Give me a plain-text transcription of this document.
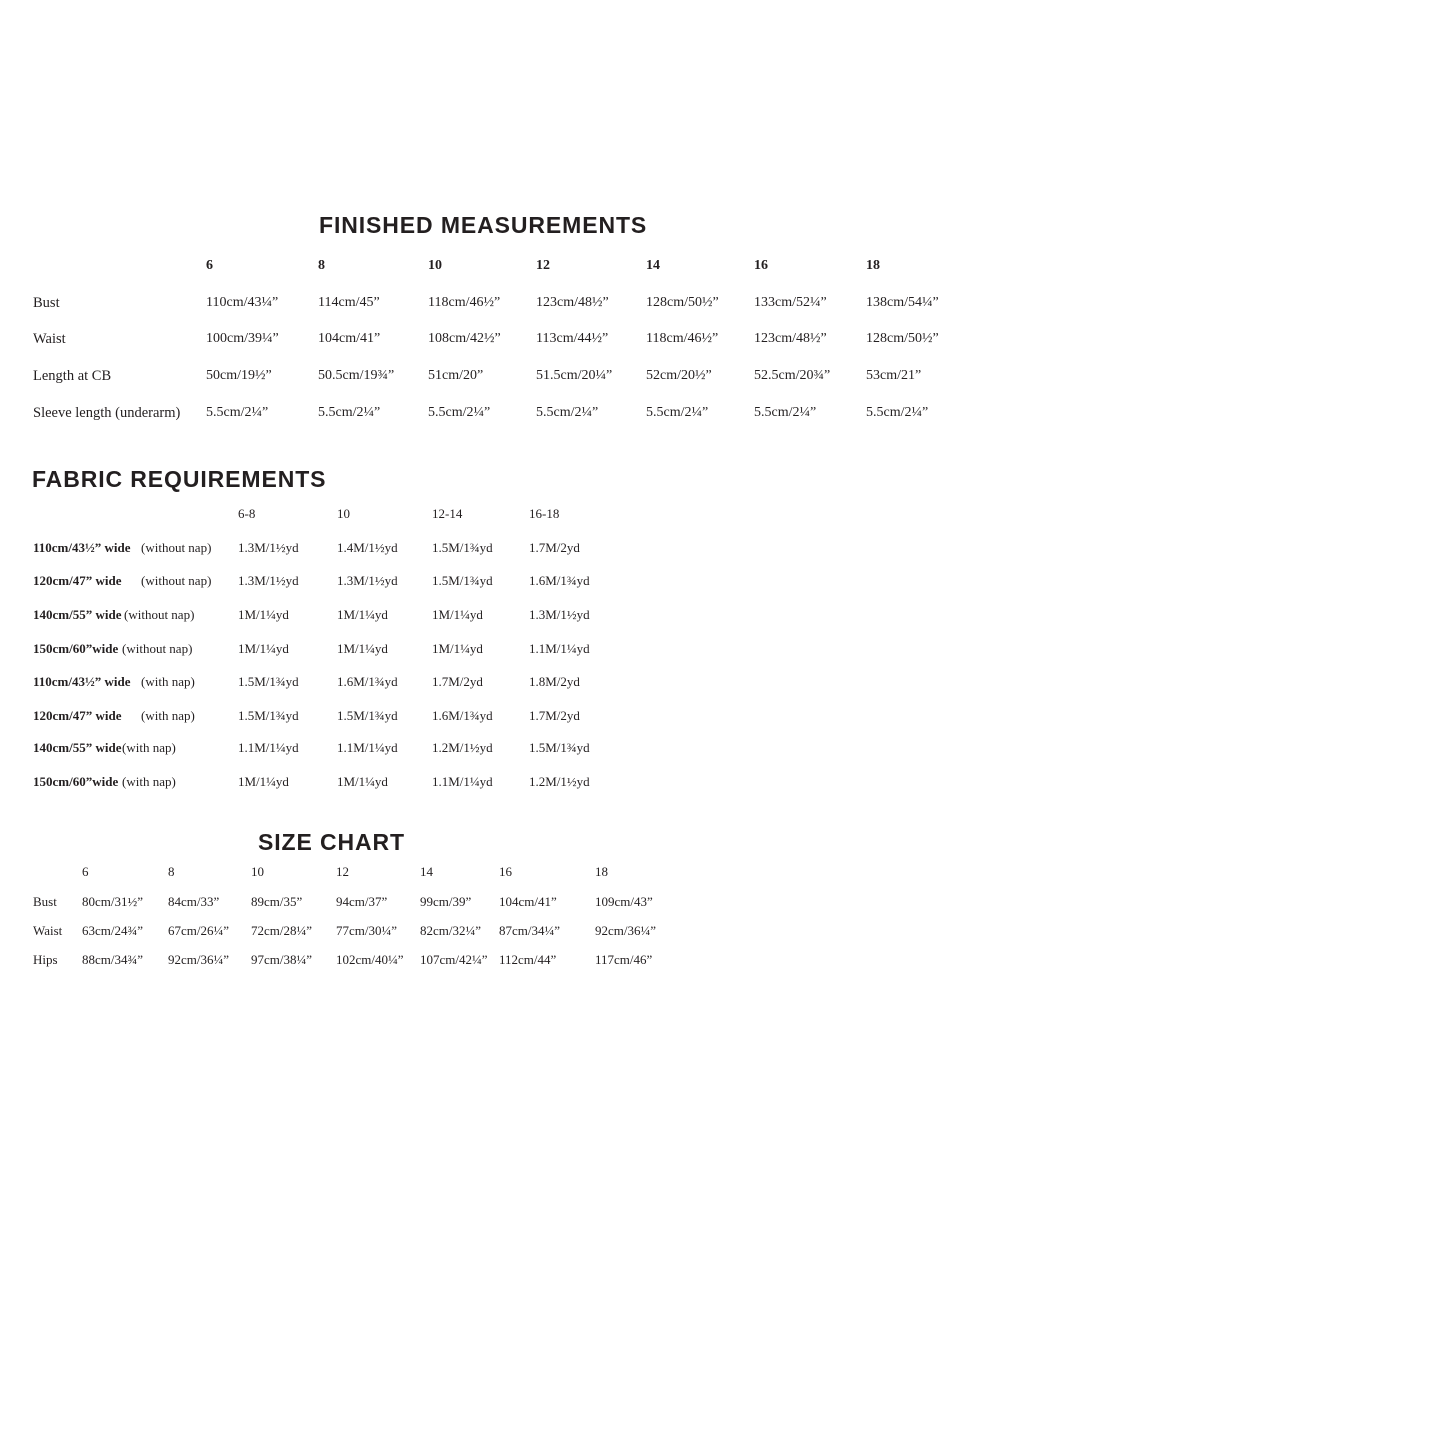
FINISHED MEASUREMENTS
6	8	10	12	14	16	18
Bust	110cm/43¼”	114cm/45”	118cm/46½”	123cm/48½”	128cm/50½”	133cm/52¼”	138cm/54¼”
Waist	100cm/39¼”	104cm/41”	108cm/42½”	113cm/44½”	118cm/46½”	123cm/48½”	128cm/50½”
Length at CB	50cm/19½”	50.5cm/19¾” 51cm/20”	51.5cm/20¼” 52cm/20½”	52.5cm/20¾”	53cm/21”
Sleeve length (underarm) 5.5cm/2¼”	5.5cm/2¼”	5.5cm/2¼”	5.5cm/2¼”	5.5cm/2¼”	5.5cm/2¼”	5.5cm/2¼”
FABRIC REQUIREMENTS
6-8	10	12-14	16-18
110cm/43½” wide (without nap) 1.3M/1½yd	1.4M/1½yd	1.5M/1¾yd	1.7M/2yd
120cm/47” wide (without nap) 1.3M/1½yd	1.3M/1½yd	1.5M/1¾yd	1.6M/1¾yd
140cm/55” wide (without nap)	1M/1¼yd	1M/1¼yd	1M/1¼yd	1.3M/1½yd
150cm/60”wide (without nap)	1M/1¼yd	1M/1¼yd	1M/1¼yd	1.1M/1¼yd
110cm/43½” wide (with nap)	1.5M/1¾yd	1.6M/1¾yd	1.7M/2yd	1.8M/2yd
120cm/47” wide (with nap)	1.5M/1¾yd	1.5M/1¾yd	1.6M/1¾yd	1.7M/2yd
140cm/55” wide (with nap)	1.1M/1¼yd	1.1M/1¼yd	1.2M/1½yd	1.5M/1¾yd
150cm/60”wide (with nap)	1M/1¼yd	1M/1¼yd	1.1M/1¼yd	1.2M/1½yd
SIZE CHART
6	8	10	12	14	16	18
Bust 80cm/31½” 84cm/33” 89cm/35”	94cm/37”	99cm/39” 104cm/41”	109cm/43”
Waist 63cm/24¾” 67cm/26¼” 72cm/28¼” 77cm/30¼” 82cm/32¼” 87cm/34¼”	92cm/36¼”
Hips 88cm/34¾” 92cm/36¼” 97cm/38¼” 102cm/40¼” 107cm/42¼” 112cm/44”	117cm/46”
